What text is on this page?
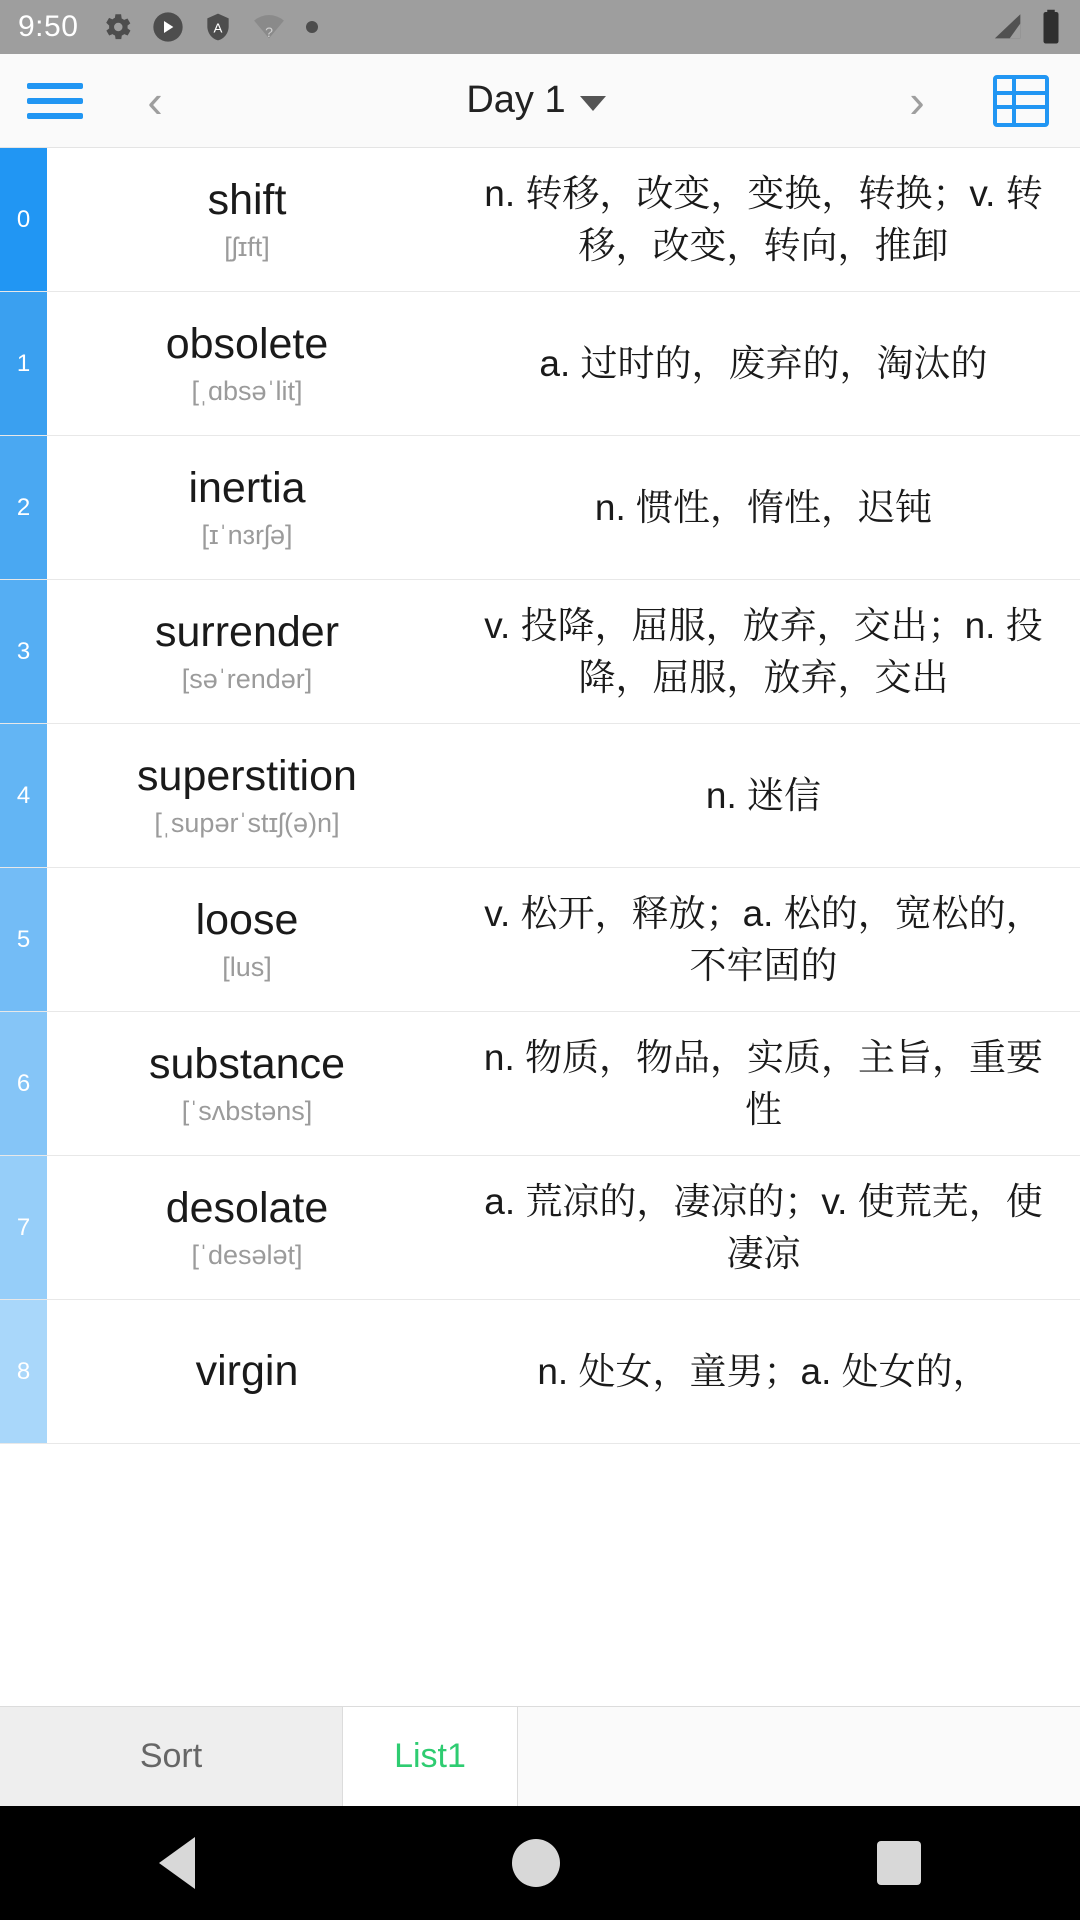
9:50	A	?
‹	Day 1	›
0	shift
[ʃɪft]
n. 转移，改变，变换，转换；v. 转移，改变，转向，推卸
1	obsolete
[ˌɑbsəˈlit]
a. 过时的，废弃的，淘汰的
2	inertia
[ɪˈnɜrʃə]
n. 惯性，惰性，迟钝
3	surrender
[səˈrendər]
v. 投降，屈服，放弃，交出；n. 投降，屈服，放弃，交出
4	superstition
[ˌsupərˈstɪʃ(ə)n]
n. 迷信
5	loose
[lus]
v. 松开，释放；a. 松的，宽松的，不牢固的
6	substance
[ˈsʌbstəns]
n. 物质，物品，实质，主旨，重要性
7	desolate
[ˈdesələt]
a. 荒凉的，凄凉的；v. 使荒芜，使凄凉
8	virgin	n. 处女，童男；a. 处女的，
Sort	List1
